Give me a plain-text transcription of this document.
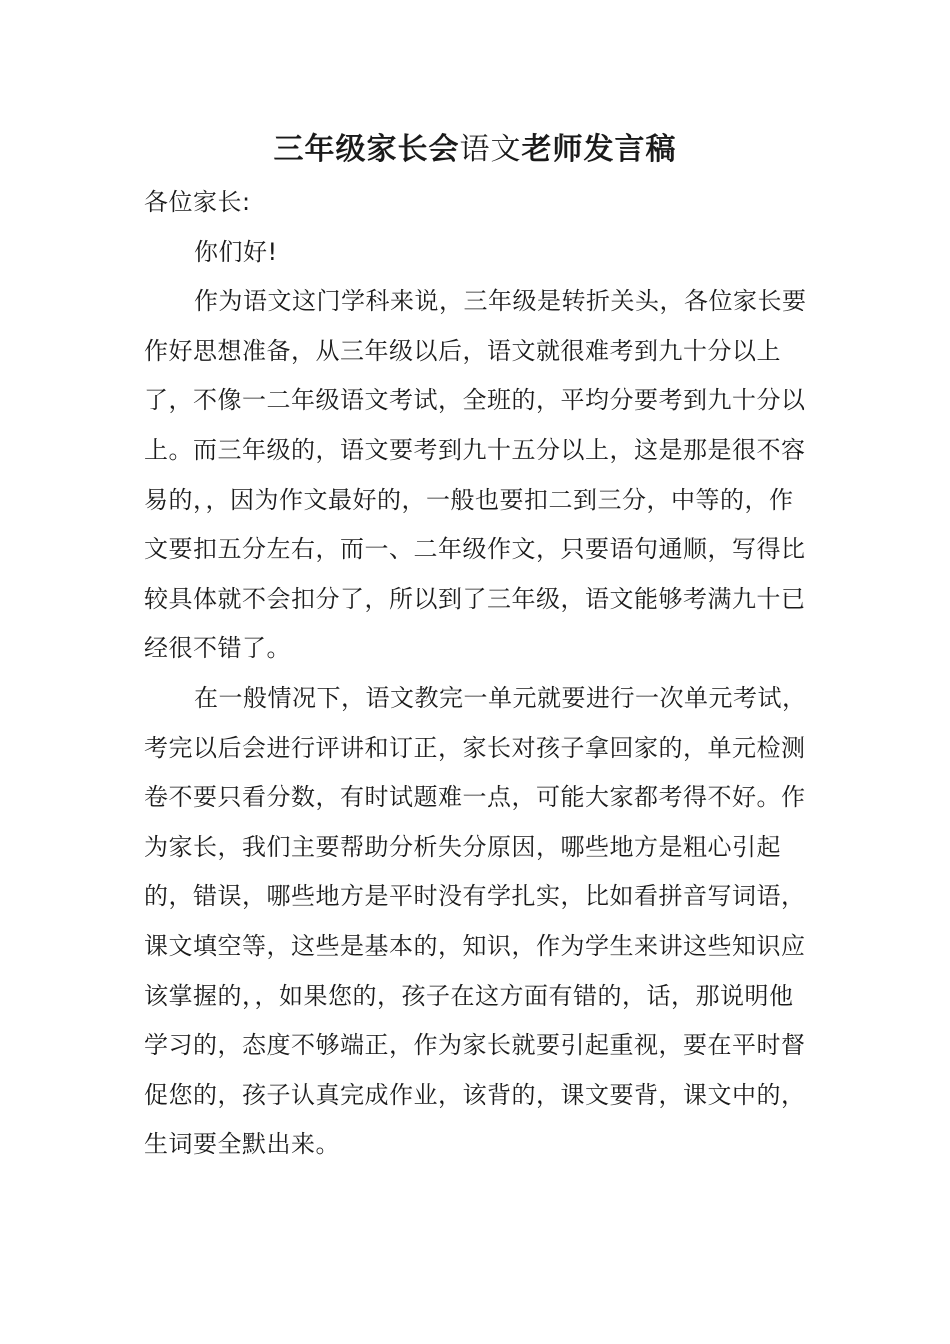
三年级家长会语文老师发言稿

各位家长:

你们好!

作为语文这门学科来说，三年级是转折关头，各位家长要作好思想准备，从三年级以后，语文就很难考到九十分以上了，不像一二年级语文考试，全班的，平均分要考到九十分以上。而三年级的，语文要考到九十五分以上，这是那是很不容易的，，因为作文最好的，一般也要扣二到三分，中等的，作文要扣五分左右，而一、二年级作文，只要语句通顺，写得比较具体就不会扣分了，所以到了三年级，语文能够考满九十已经很不错了。

在一般情况下，语文教完一单元就要进行一次单元考试，考完以后会进行评讲和订正，家长对孩子拿回家的，单元检测卷不要只看分数，有时试题难一点，可能大家都考得不好。作为家长，我们主要帮助分析失分原因，哪些地方是粗心引起的，错误，哪些地方是平时没有学扎实，比如看拼音写词语，课文填空等，这些是基本的，知识，作为学生来讲这些知识应该掌握的，，如果您的，孩子在这方面有错的，话，那说明他学习的，态度不够端正，作为家长就要引起重视，要在平时督促您的，孩子认真完成作业，该背的，课文要背，课文中的，生词要全默出来。
